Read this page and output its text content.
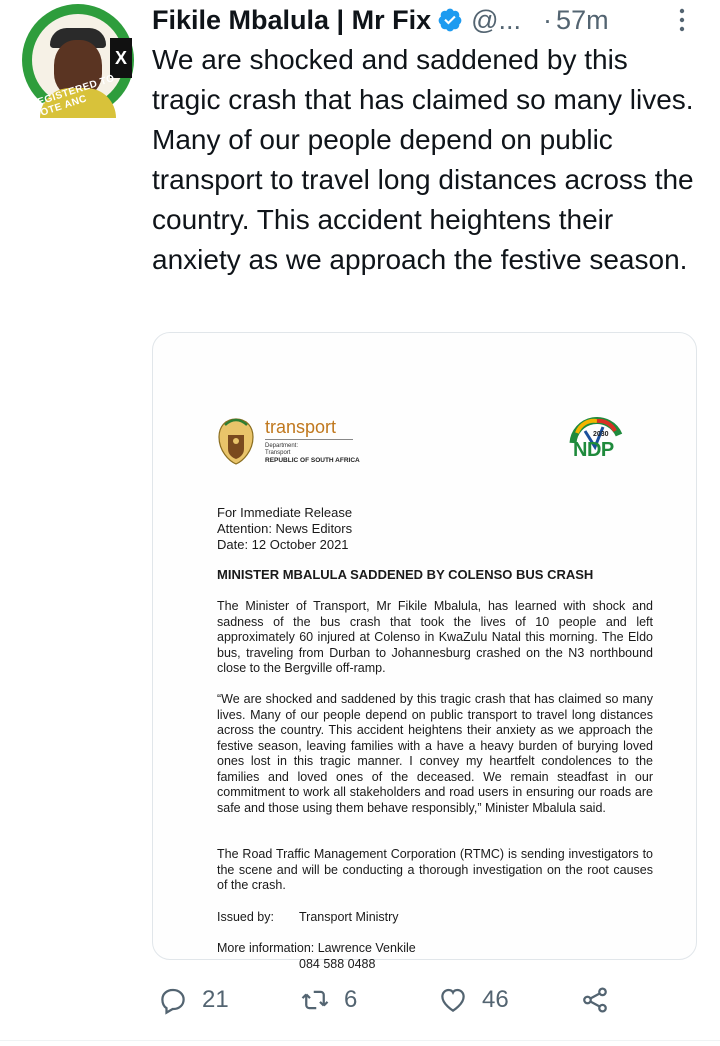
X
REGISTERED TO VOTE ANC
Fikile Mbalula | Mr Fix @... · 57m
We are shocked and saddened by this tragic crash that has claimed so many lives. Many of our people depend on public transport to travel long distances across the country. This accident heightens their anxiety as we approach the festive season.
transport
Department:
Transport
REPUBLIC OF SOUTH AFRICA
2030
NDP
For Immediate Release
Attention: News Editors
Date: 12 October 2021
MINISTER MBALULA SADDENED BY COLENSO BUS CRASH
The Minister of Transport, Mr Fikile Mbalula, has learned with shock and sadness of the bus crash that took the lives of 10 people and left approximately 60 injured at Colenso in KwaZulu Natal this morning. The Eldo bus, traveling from Durban to Johannesburg crashed on the N3 northbound close to the Bergville off-ramp.
“We are shocked and saddened by this tragic crash that has claimed so many lives. Many of our people depend on public transport to travel long distances across the country. This accident heightens their anxiety as we approach the festive season, leaving families with a have a heavy burden of burying loved ones lost in this tragic manner. I convey my heartfelt condolences to the families and loved ones of the deceased. We remain steadfast in our commitment to work all stakeholders and road users in ensuring our roads are safe and those using them behave responsibly,” Minister Mbalula said.
The Road Traffic Management Corporation (RTMC) is sending investigators to the scene and will be conducting a thorough investigation on the root causes of the crash.
Issued by: Transport Ministry
More information: Lawrence Venkile
084 588 0488
21	6	46
